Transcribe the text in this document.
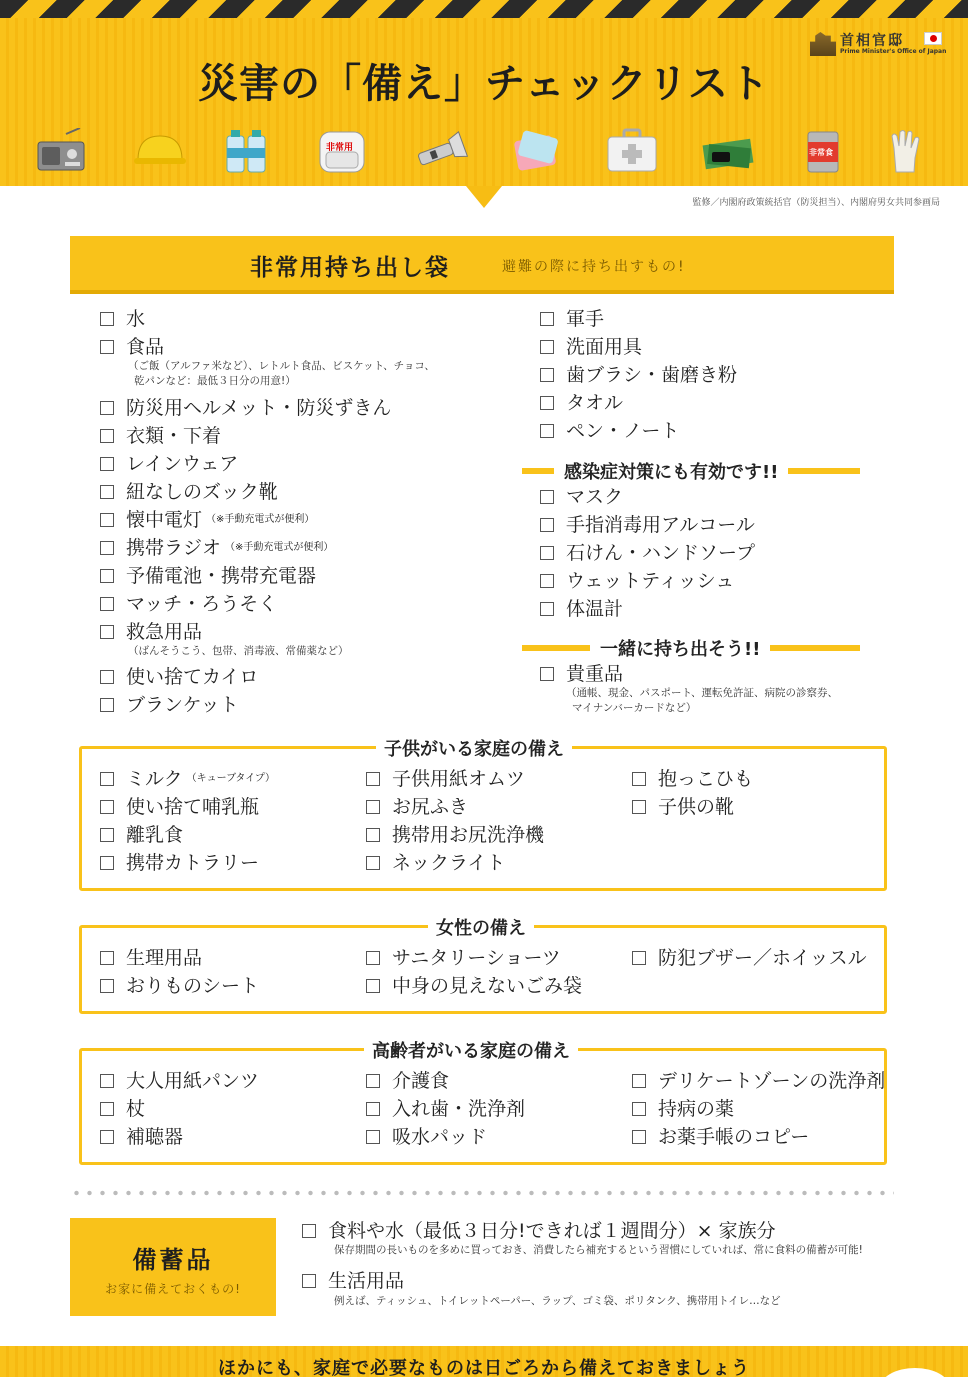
首相官邸
Prime Minister's Office of Japan
災害の「備え」チェックリスト
非常用	非常食
監修／内閣府政策統括官（防災担当）、内閣府男女共同参画局
非常用持ち出し袋	避難の際に持ち出すもの!
水
食品
（ご飯（アルファ米など）、レトルト食品、ビスケット、チョコ、
乾パンなど：最低３日分の用意!）
防災用ヘルメット・防災ずきん
衣類・下着
レインウェア
紐なしのズック靴
懐中電灯 （※手動充電式が便利）
携帯ラジオ （※手動充電式が便利）
予備電池・携帯充電器
マッチ・ろうそく
救急用品
（ばんそうこう、包帯、消毒液、常備薬など）
使い捨てカイロ
ブランケット
軍手
洗面用具
歯ブラシ・歯磨き粉
タオル
ペン・ノート
感染症対策にも有効です!!
マスク
手指消毒用アルコール
石けん・ハンドソープ
ウェットティッシュ
体温計
一緒に持ち出そう!!
貴重品
（通帳、現金、パスポート、運転免許証、病院の診察券、
マイナンバーカードなど）
子供がいる家庭の備え
ミルク （キューブタイプ）
使い捨て哺乳瓶
離乳食
携帯カトラリー
子供用紙オムツ
お尻ふき
携帯用お尻洗浄機
ネックライト
抱っこひも
子供の靴
女性の備え
生理用品
おりものシート
サニタリーショーツ
中身の見えないごみ袋
防犯ブザー／ホイッスル
高齢者がいる家庭の備え
大人用紙パンツ
杖
補聴器
介護食
入れ歯・洗浄剤
吸水パッド
デリケートゾーンの洗浄剤
持病の薬
お薬手帳のコピー
備蓄品
お家に備えておくもの!
食料や水（最低３日分!できれば１週間分）× 家族分
保存期間の長いものを多めに買っておき、消費したら補充するという習慣にしていれば、常に食料の備蓄が可能!
生活用品
例えば、ティッシュ、トイレットペーパー、ラップ、ゴミ袋、ポリタンク、携帯用トイレ…など
ほかにも、家庭で必要なものは日ごろから備えておきましょう
